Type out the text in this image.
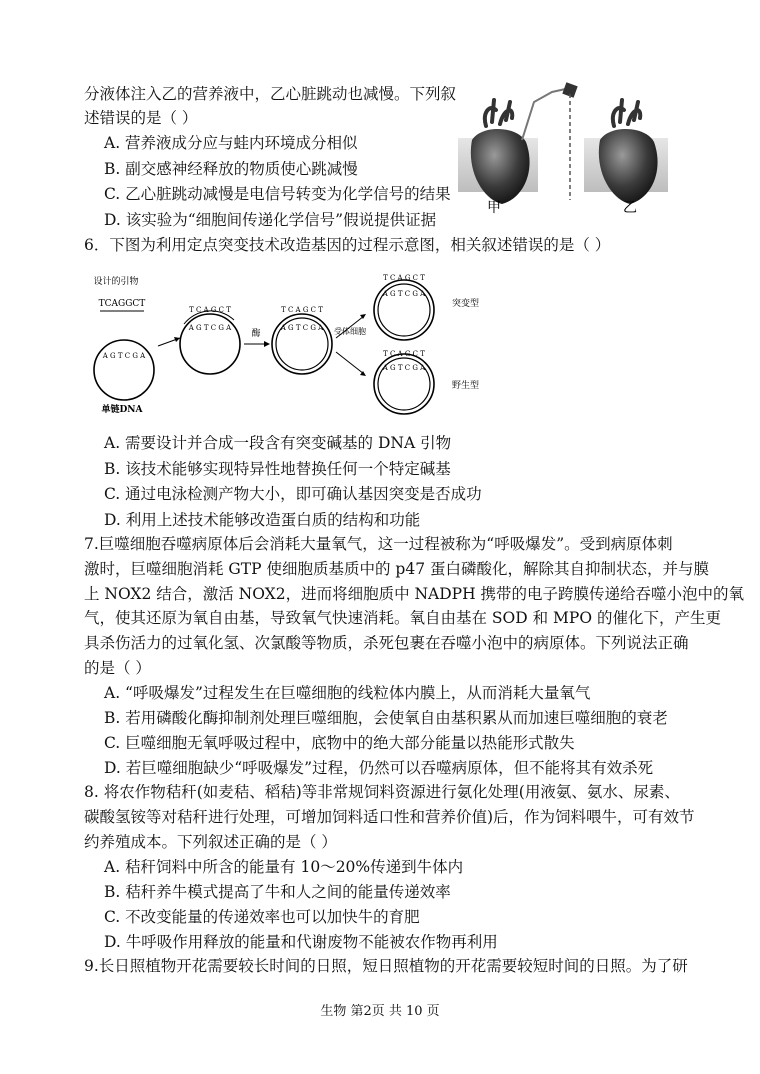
分液体注入乙的营养液中，乙心脏跳动也减慢。下列叙
述错误的是（ ）
A. 营养液成分应与蛙内环境成分相似
B. 副交感神经释放的物质使心跳减慢
C. 乙心脏跳动减慢是电信号转变为化学信号的结果
D. 该实验为“细胞间传递化学信号”假说提供证据
甲	乙
6．下图为利用定点突变技术改造基因的过程示意图，相关叙述错误的是（ ）
设计的引物
TCAGGCT
A G T C G A
单链DNA
T C A G C T
A G T C G A
酶
T C A G C T
A G T C G A 受体细胞
T C A G C T
A G T C G A
突变型
T C A G C T
A G T C G A
野生型
A. 需要设计并合成一段含有突变碱基的 DNA 引物
B. 该技术能够实现特异性地替换任何一个特定碱基
C. 通过电泳检测产物大小，即可确认基因突变是否成功
D. 利用上述技术能够改造蛋白质的结构和功能
7.巨噬细胞吞噬病原体后会消耗大量氧气，这一过程被称为“呼吸爆发”。受到病原体刺
激时，巨噬细胞消耗 GTP 使细胞质基质中的 p47 蛋白磷酸化，解除其自抑制状态，并与膜
上 NOX2 结合，激活 NOX2，进而将细胞质中 NADPH 携带的电子跨膜传递给吞噬小泡中的氧
气，使其还原为氧自由基，导致氧气快速消耗。氧自由基在 SOD 和 MPO 的催化下，产生更
具杀伤活力的过氧化氢、次氯酸等物质，杀死包裹在吞噬小泡中的病原体。下列说法正确
的是（ ）
A. “呼吸爆发”过程发生在巨噬细胞的线粒体内膜上，从而消耗大量氧气
B. 若用磷酸化酶抑制剂处理巨噬细胞，会使氧自由基积累从而加速巨噬细胞的衰老
C. 巨噬细胞无氧呼吸过程中，底物中的绝大部分能量以热能形式散失
D. 若巨噬细胞缺少“呼吸爆发”过程，仍然可以吞噬病原体，但不能将其有效杀死
8. 将农作物秸秆(如麦秸、稻秸)等非常规饲料资源进行氨化处理(用液氨、氨水、尿素、
碳酸氢铵等对秸秆进行处理，可增加饲料适口性和营养价值)后，作为饲料喂牛，可有效节
约养殖成本。下列叙述正确的是（ ）
A. 秸秆饲料中所含的能量有 10～20%传递到牛体内
B. 秸秆养牛模式提高了牛和人之间的能量传递效率
C. 不改变能量的传递效率也可以加快牛的育肥
D. 牛呼吸作用释放的能量和代谢废物不能被农作物再利用
9.长日照植物开花需要较长时间的日照，短日照植物的开花需要较短时间的日照。为了研
生物 第2页 共 10 页
